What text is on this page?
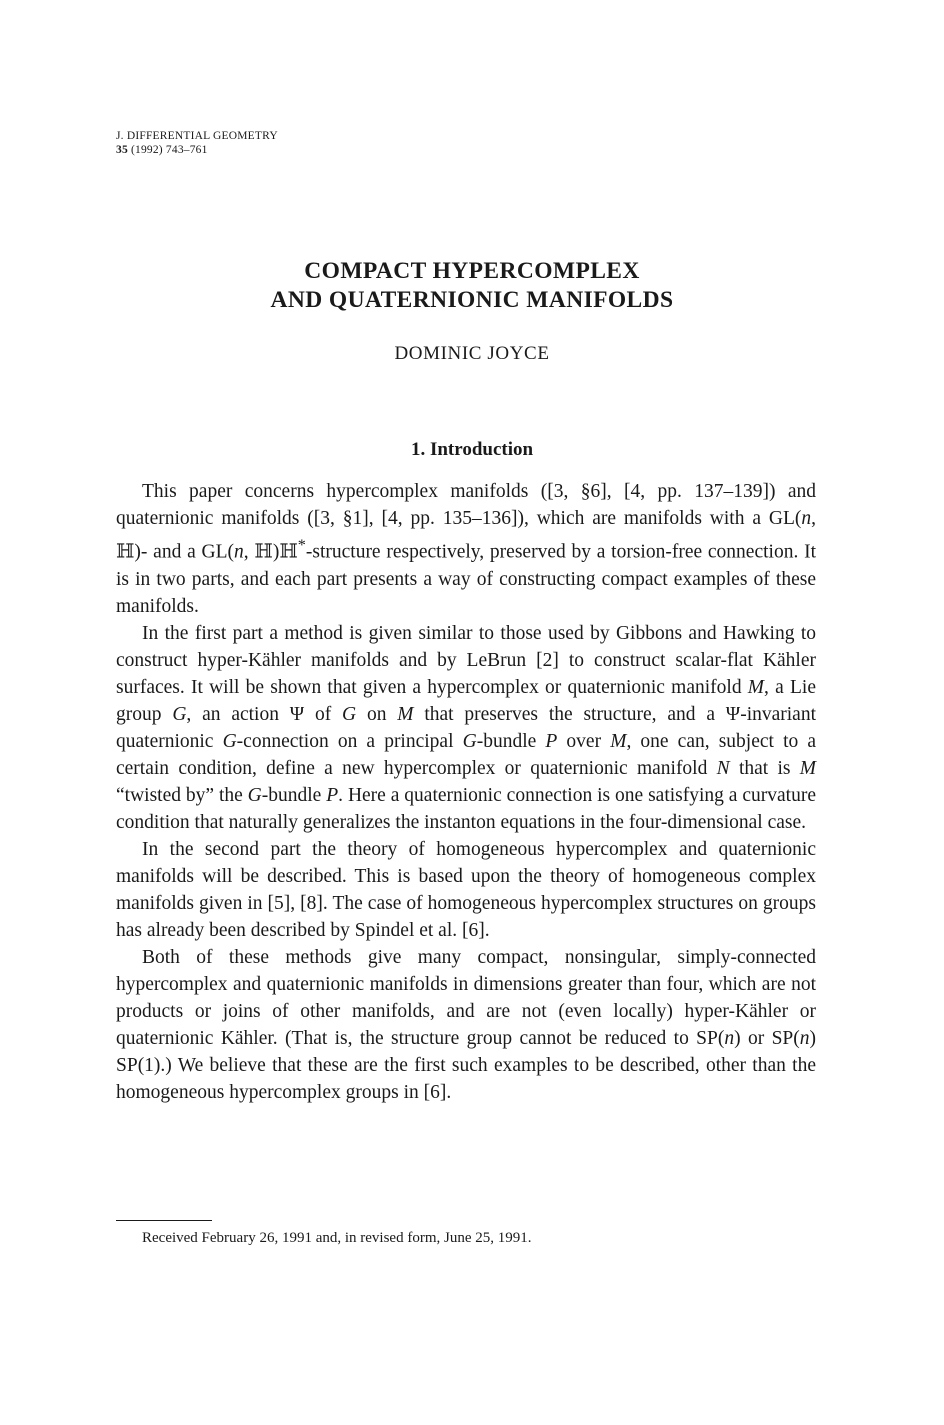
J. DIFFERENTIAL GEOMETRY
35 (1992) 743–761
COMPACT HYPERCOMPLEX
AND QUATERNIONIC MANIFOLDS
DOMINIC JOYCE
1. Introduction

This paper concerns hypercomplex manifolds ([3, §6], [4, pp. 137–139]) and quaternionic manifolds ([3, §1], [4, pp. 135–136]), which are manifolds with a GL(n, ℍ)- and a GL(n, ℍ)ℍ*-structure respectively, preserved by a torsion-free connection. It is in two parts, and each part presents a way of constructing compact examples of these manifolds.

In the first part a method is given similar to those used by Gibbons and Hawking to construct hyper-Kähler manifolds and by LeBrun [2] to construct scalar-flat Kähler surfaces. It will be shown that given a hypercomplex or quaternionic manifold M, a Lie group G, an action Ψ of G on M that preserves the structure, and a Ψ-invariant quaternionic G-connection on a principal G-bundle P over M, one can, subject to a certain condition, define a new hypercomplex or quaternionic manifold N that is M “twisted by” the G-bundle P. Here a quaternionic connection is one satisfying a curvature condition that naturally generalizes the instanton equations in the four-dimensional case.

In the second part the theory of homogeneous hypercomplex and quaternionic manifolds will be described. This is based upon the theory of homogeneous complex manifolds given in [5], [8]. The case of homogeneous hypercomplex structures on groups has already been described by Spindel et al. [6].

Both of these methods give many compact, nonsingular, simply-connected hypercomplex and quaternionic manifolds in dimensions greater than four, which are not products or joins of other manifolds, and are not (even locally) hyper-Kähler or quaternionic Kähler. (That is, the structure group cannot be reduced to SP(n) or SP(n) SP(1).) We believe that these are the first such examples to be described, other than the homogeneous hypercomplex groups in [6].

Received February 26, 1991 and, in revised form, June 25, 1991.
